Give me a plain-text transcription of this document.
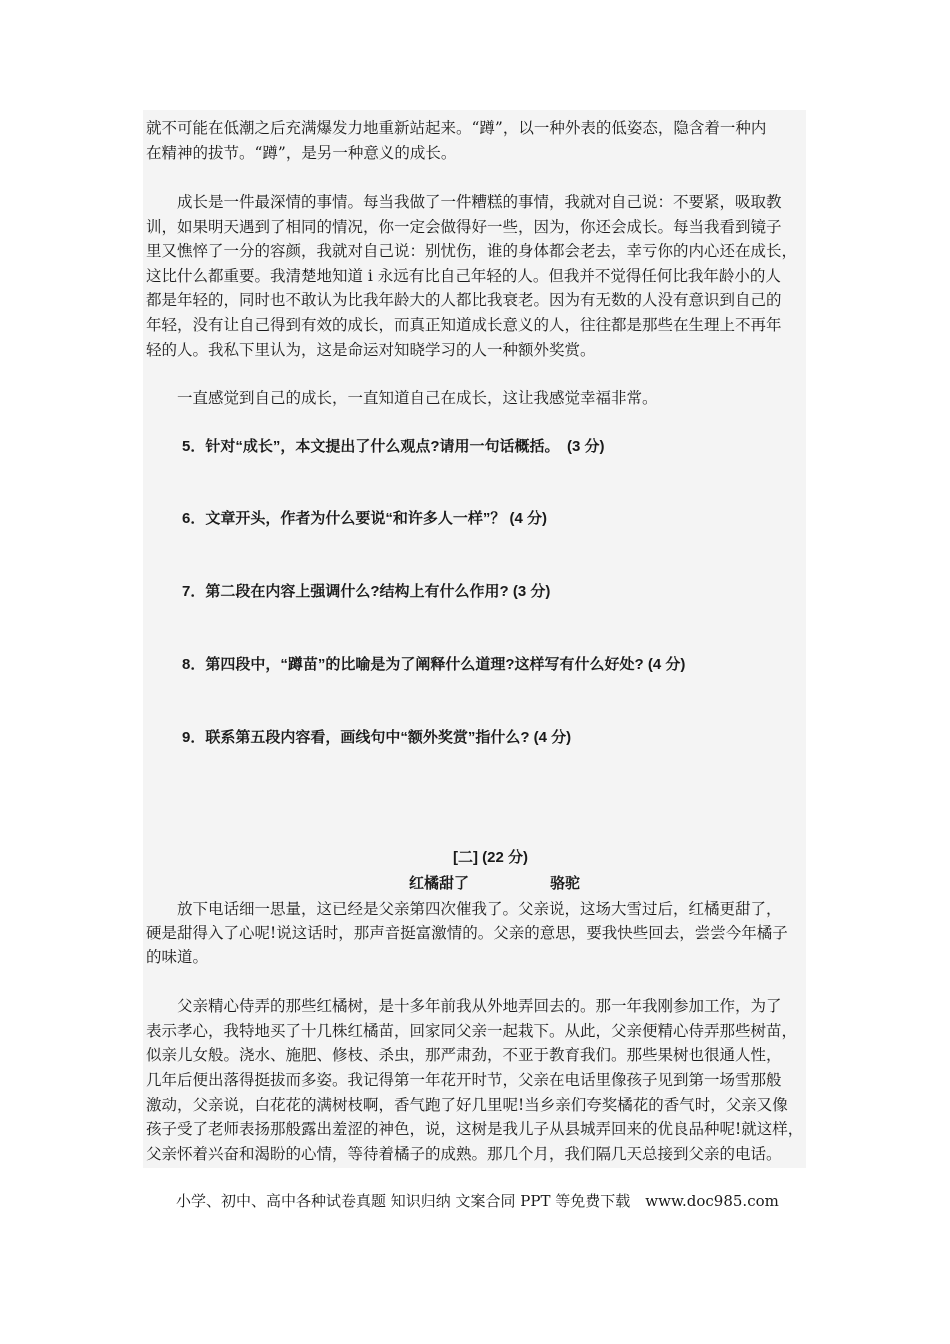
就不可能在低潮之后充满爆发力地重新站起来。“蹲”，以一种外表的低姿态，隐含着一种内
在精神的拔节。“蹲”，是另一种意义的成长。
　　成长是一件最深情的事情。每当我做了一件糟糕的事情，我就对自己说：不要紧，吸取教
训，如果明天遇到了相同的情况，你一定会做得好一些，因为，你还会成长。每当我看到镜子
里又憔悴了一分的容颜，我就对自己说：别忧伤，谁的身体都会老去，幸亏你的内心还在成长，
这比什么都重要。我清楚地知道 i 永远有比自己年轻的人。但我并不觉得任何比我年龄小的人
都是年轻的，同时也不敢认为比我年龄大的人都比我衰老。因为有无数的人没有意识到自己的
年轻，没有让自己得到有效的成长，而真正知道成长意义的人，往往都是那些在生理上不再年
轻的人。我私下里认为，这是命运对知晓学习的人一种额外奖赏。
　　一直感觉到自己的成长，一直知道自己在成长，这让我感觉幸福非常。
5．针对“成长”，本文提出了什么观点?请用一句话概括。　(3 分)
6．文章开头，作者为什么要说“和许多人一样”？ (4 分)
7．第二段在内容上强调什么?结构上有什么作用? (3 分)
8．第四段中，“蹲苗”的比喻是为了阐释什么道理?这样写有什么好处? (4 分)
9．联系第五段内容看，画线句中“额外奖赏”指什么? (4 分)
[二] (22 分)
红橘甜了	骆驼
　　放下电话细一思量，这已经是父亲第四次催我了。父亲说，这场大雪过后，红橘更甜了，
硬是甜得入了心呢!说这话时，那声音挺富激情的。父亲的意思，要我快些回去，尝尝今年橘子
的味道。
　　父亲精心侍弄的那些红橘树，是十多年前我从外地弄回去的。那一年我刚参加工作，为了
表示孝心，我特地买了十几株红橘苗，回家同父亲一起栽下。从此，父亲便精心侍弄那些树苗，
似亲儿女般。浇水、施肥、修枝、杀虫，那严肃劲，不亚于教育我们。那些果树也很通人性，
几年后便出落得挺拔而多姿。我记得第一年花开时节，父亲在电话里像孩子见到第一场雪那般
激动，父亲说，白花花的满树枝啊，香气跑了好几里呢!当乡亲们夸奖橘花的香气时，父亲又像
孩子受了老师表扬那般露出羞涩的神色，说，这树是我儿子从县城弄回来的优良品种呢!就这样，
父亲怀着兴奋和渴盼的心情，等待着橘子的成熟。那几个月，我们隔几天总接到父亲的电话。
小学、初中、高中各种试卷真题 知识归纳 文案合同 PPT 等免费下载　www.doc985.com
